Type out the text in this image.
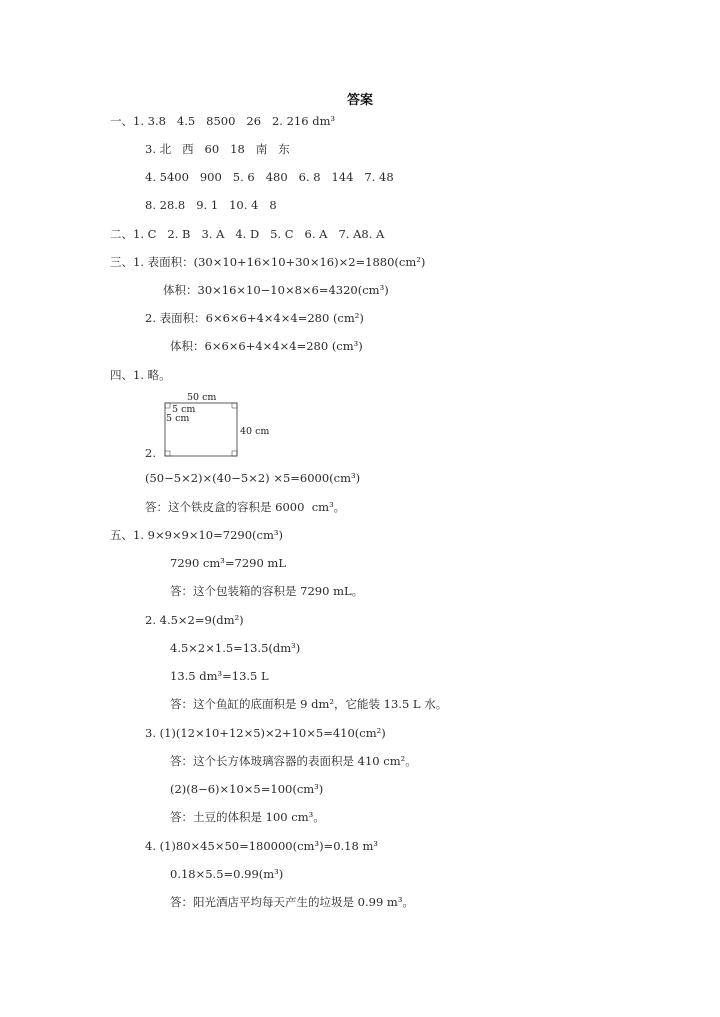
答案
一、1. 3.8   4.5   8500   26   2. 216 dm³
3. 北   西   60   18   南   东
4. 5400   900   5. 6   480   6. 8   144   7. 48
8. 28.8   9. 1   10. 4   8
二、1. C   2. B   3. A   4. D   5. C   6. A   7. A8. A
三、1. 表面积：(30×10+16×10+30×16)×2=1880(cm²)
体积：30×16×10−10×8×6=4320(cm³)
2. 表面积：6×6×6+4×4×4=280 (cm²)
体积：6×6×6+4×4×4=280 (cm³)
四、1. 略。
50 cm
5 cm
5 cm
40 cm
2.
(50−5×2)×(40−5×2) ×5=6000(cm³)
答：这个铁皮盒的容积是 6000  cm³。
五、1. 9×9×9×10=7290(cm³)
7290 cm³=7290 mL
答：这个包装箱的容积是 7290 mL。
2. 4.5×2=9(dm²)
4.5×2×1.5=13.5(dm³)
13.5 dm³=13.5 L
答：这个鱼缸的底面积是 9 dm²，它能装 13.5 L 水。
3. (1)(12×10+12×5)×2+10×5=410(cm²)
答：这个长方体玻璃容器的表面积是 410 cm²。
(2)(8−6)×10×5=100(cm³)
答：土豆的体积是 100 cm³。
4. (1)80×45×50=180000(cm³)=0.18 m³
0.18×5.5=0.99(m³)
答：阳光酒店平均每天产生的垃圾是 0.99 m³。
